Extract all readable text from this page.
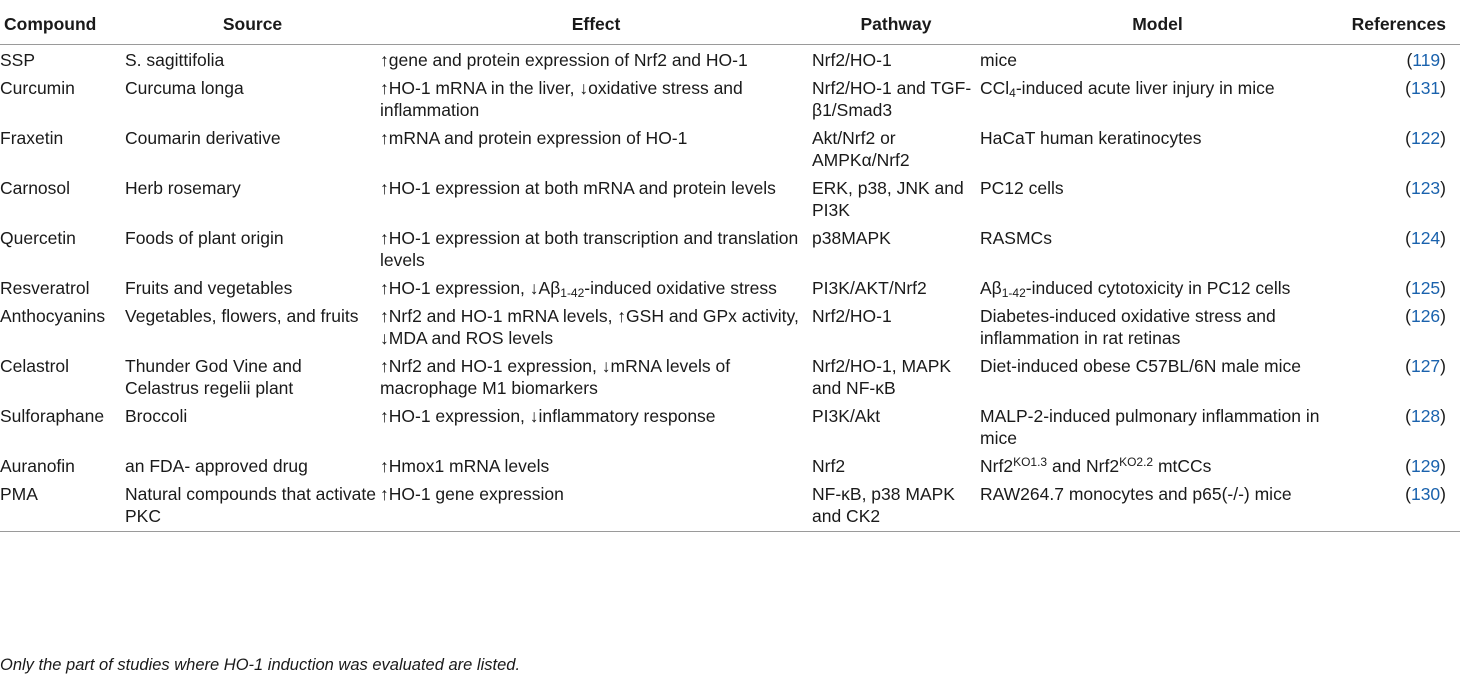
Compound	Source	Effect	Pathway	Model	References
SSP	S. sagittifolia	↑gene and protein expression of Nrf2 and HO-1	Nrf2/HO-1	mice	(119)
Curcumin	Curcuma longa	↑HO-1 mRNA in the liver, ↓oxidative stress and inflammation	Nrf2/HO-1 and TGF-β1/Smad3	CCl$_4$-induced acute liver injury in mice	(131)
Fraxetin	Coumarin derivative	↑mRNA and protein expression of HO-1	Akt/Nrf2 or AMPKα/Nrf2	HaCaT human keratinocytes	(122)
Carnosol	Herb rosemary	↑HO-1 expression at both mRNA and protein levels	ERK, p38, JNK and PI3K	PC12 cells	(123)
Quercetin	Foods of plant origin	↑HO-1 expression at both transcription and translation levels	p38MAPK	RASMCs	(124)
Resveratrol	Fruits and vegetables	↑HO-1 expression, $↓A\beta_{1-42}$-induced oxidative stress	PI3K/AKT/Nrf2	$A\beta_{1-42}$-induced cytotoxicity in PC12 cells	(125)
Anthocyanins	Vegetables, flowers, and fruits	↑Nrf2 and HO-1 mRNA levels, ↑GSH and GPx activity, ↓MDA and ROS levels	Nrf2/HO-1	Diabetes-induced oxidative stress and inflammation in rat retinas	(126)
Celastrol	Thunder God Vine and Celastrus regelii plant	↑Nrf2 and HO-1 expression, ↓mRNA levels of macrophage M1 biomarkers	Nrf2/HO-1, MAPK and NF-κB	Diet-induced obese C57BL/6N male mice	(127)
Sulforaphane	Broccoli	↑HO-1 expression, ↓inflammatory response	PI3K/Akt	MALP-2-induced pulmonary inflammation in mice	(128)
Auranofin	an FDA- approved drug	↑Hmox1 mRNA levels	Nrf2	$Nrf2^{KO1.3}$ and $Nrf2^{KO2.2}$ mtCCs	(129)
PMA	Natural compounds that activate PKC	↑HO-1 gene expression	NF-κB, p38 MAPK and CK2	RAW264.7 monocytes and p65(-/-) mice	(130)
Only the part of studies where HO-1 induction was evaluated are listed.
